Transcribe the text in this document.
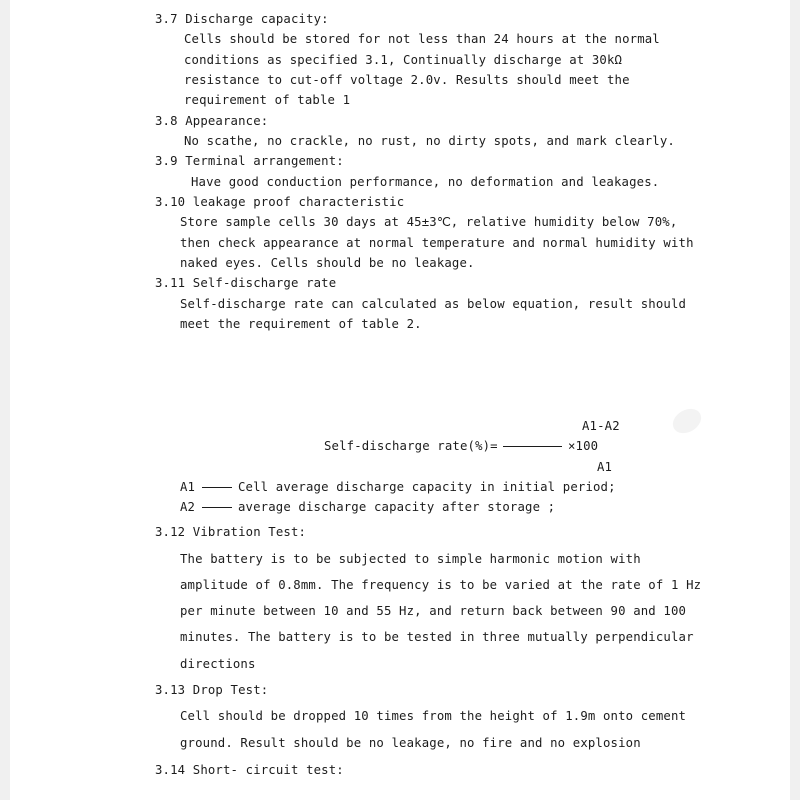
3.7 Discharge capacity:
Cells should be stored for not less than 24 hours at the normal
conditions as specified 3.1, Continually discharge at 30kΩ
resistance to cut-off voltage 2.0v. Results should meet the
requirement of table 1
3.8 Appearance:
No scathe, no crackle, no rust, no dirty spots, and mark clearly.
3.9 Terminal arrangement:
Have good conduction performance, no deformation and leakages.
3.10 leakage proof characteristic
Store sample cells 30 days at 45±3℃, relative humidity below 70%,
then check appearance at normal temperature and normal humidity with
naked eyes. Cells should be no leakage.
3.11 Self-discharge rate
Self-discharge rate can calculated as below equation, result should
meet the requirement of table 2.
A1-A2
Self-discharge rate(%)=	×100
A1
A1	Cell average discharge capacity in initial period;
A2	average discharge capacity after storage ;
3.12 Vibration Test:
The battery is to be subjected to simple harmonic motion with
amplitude of 0.8mm. The frequency is to be varied at the rate of 1 Hz
per minute between 10 and 55 Hz, and return back between 90 and 100
minutes. The battery is to be tested in three mutually perpendicular
directions
3.13 Drop Test:
Cell should be dropped 10 times from the height of 1.9m onto cement
ground. Result should be no leakage, no fire and no explosion
3.14 Short- circuit test:
